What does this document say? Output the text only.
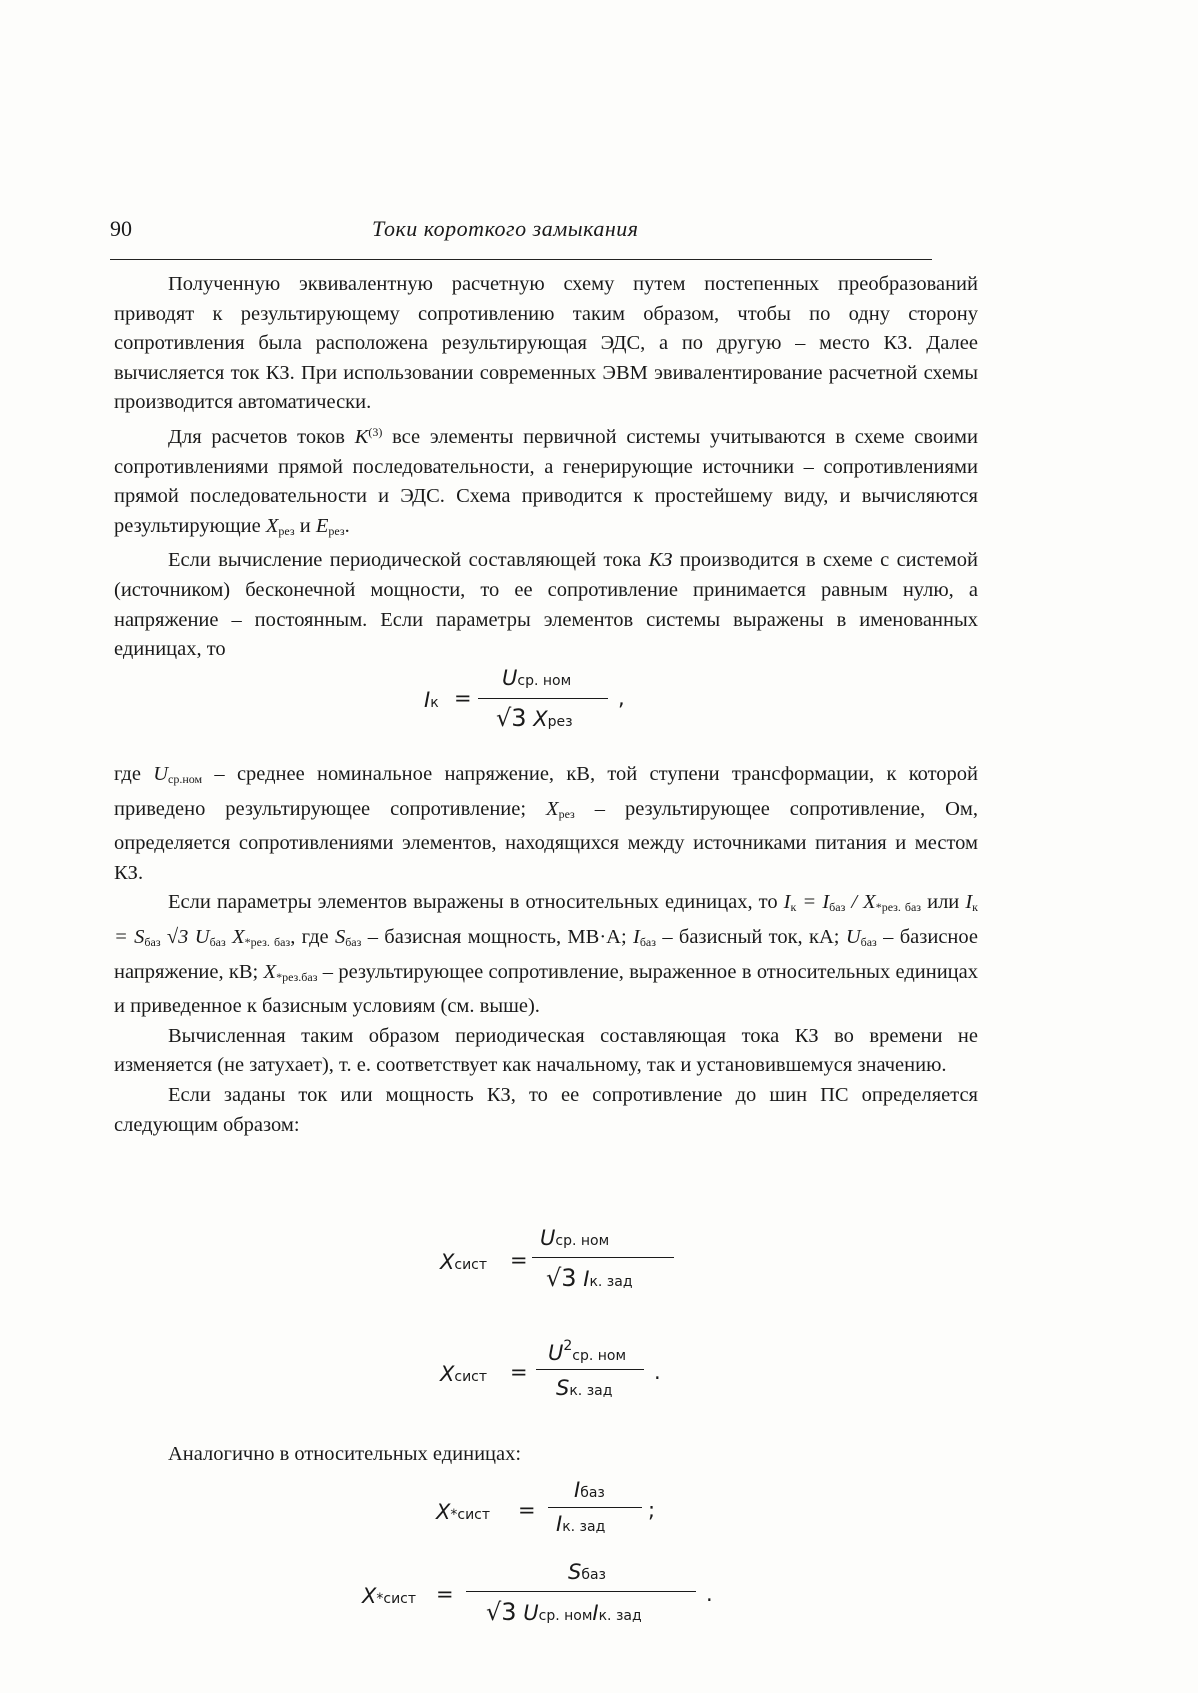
90	Токи короткого замыкания

Полученную эквивалентную расчетную схему путем постепенных преобразований приводят к результирующему сопротивлению таким образом, чтобы по одну сторону сопротивления была расположена результирующая ЭДС, а по другую – место КЗ. Далее вычисляется ток КЗ. При использовании современных ЭВМ эвивалентирование расчетной схемы производится автоматически.

Для расчетов токов $K^{(3)}$ все элементы первичной системы учитываются в схеме своими сопротивлениями прямой последовательности, а генерирующие источники – сопротивлениями прямой последовательности и ЭДС. Схема приводится к простейшему виду, и вычисляются результирующие $X_{рез}$ и $E_{рез}$.

Если вычисление периодической составляющей тока КЗ производится в схеме с системой (источником) бесконечной мощности, то ее сопротивление принимается равным нулю, а напряжение – постоянным. Если параметры элементов системы выражены в именованных единицах, то

Iк =
Uср. ном
√3 Xрез
,

где $U_{ср.ном}$ – среднее номинальное напряжение, кВ, той ступени трансформации, к которой приведено результирующее сопротивление; $X_{рез}$ – результирующее сопротивление, Ом, определяется сопротивлениями элементов, находящихся между источниками питания и местом КЗ.

Если параметры элементов выражены в относительных единицах, то $I_к = I_{баз} / X_{*рез. баз}$ или $I_к = S_{баз}$ √3 $U_{баз}$ $X_{*рез. баз}$, где $S_{баз}$ – базисная мощность, МВ·А; $I_{баз}$ – базисный ток, кА; $U_{баз}$ – базисное напряжение, кВ; $X_{*рез.баз}$ – результирующее сопротивление, выраженное в относительных единицах и приведенное к базисным условиям (см. выше).

Вычисленная таким образом периодическая составляющая тока КЗ во времени не изменяется (не затухает), т. е. соответствует как начальному, так и установившемуся значению.

Если заданы ток или мощность КЗ, то ее сопротивление до шин ПС определяется следующим образом:

Xсист =
Uср. ном
√3 Iк. зад
Xсист =
$U^2ср$. ном
Sк. зад
.

Аналогично в относительных единицах:

X*сист =
Iбаз
Iк. зад
;
X*сист =
Sбаз
√3 Uср. номIк. зад
.
